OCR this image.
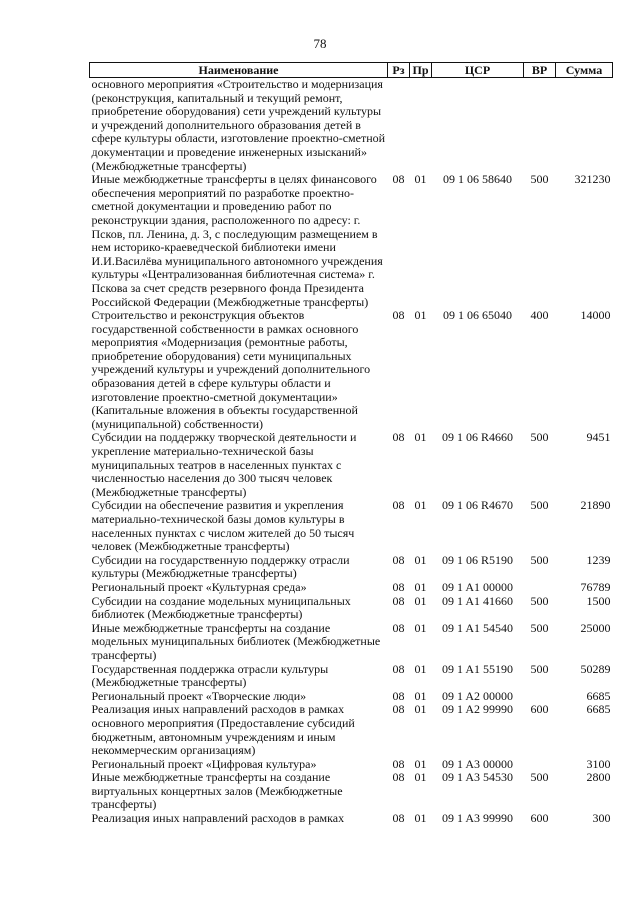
78
Наименование	Рз	Пр	ЦСР	ВР	Сумма
основного мероприятия «Строительство и модернизация (реконструкция, капитальный и текущий ремонт, приобретение оборудования) сети учреждений культуры и учреждений дополнительного образования детей в сфере культуры области, изготовление проектно-сметной документации и проведение инженерных изысканий» (Межбюджетные трансферты)					
Иные межбюджетные трансферты в целях финансового обеспечения мероприятий по разработке проектно-сметной документации и проведению работ по реконструкции здания, расположенного по адресу: г. Псков, пл. Ленина, д. 3, с последующим размещением в нем историко-краеведческой библиотеки имени И.И.Василёва муниципального автономного учреждения культуры «Централизованная библиотечная система» г. Пскова за счет средств резервного фонда Президента Российской Федерации (Межбюджетные трансферты)	08	01	09 1 06 58640	500	321230
Строительство и реконструкция объектов государственной собственности в рамках основного мероприятия «Модернизация (ремонтные работы, приобретение оборудования) сети муниципальных учреждений культуры и учреждений дополнительного образования детей в сфере культуры области и изготовление проектно-сметной документации» (Капитальные вложения в объекты государственной (муниципальной) собственности)	08	01	09 1 06 65040	400	14000
Субсидии на поддержку творческой деятельности и укрепление материально-технической базы муниципальных театров в населенных пунктах с численностью населения до 300 тысяч человек (Межбюджетные трансферты)	08	01	09 1 06 R4660	500	9451
Субсидии на обеспечение развития и укрепления материально-технической базы домов культуры в населенных пунктах с числом жителей до 50 тысяч человек (Межбюджетные трансферты)	08	01	09 1 06 R4670	500	21890
Субсидии на государственную поддержку отрасли культуры (Межбюджетные трансферты)	08	01	09 1 06 R5190	500	1239
Региональный проект «Культурная среда»	08	01	09 1 A1 00000		76789
Субсидии на создание модельных муниципальных библиотек (Межбюджетные трансферты)	08	01	09 1 A1 41660	500	1500
Иные межбюджетные трансферты на создание модельных муниципальных библиотек (Межбюджетные трансферты)	08	01	09 1 A1 54540	500	25000
Государственная поддержка отрасли культуры (Межбюджетные трансферты)	08	01	09 1 A1 55190	500	50289
Региональный проект «Творческие люди»	08	01	09 1 A2 00000		6685
Реализация иных направлений расходов в рамках основного мероприятия (Предоставление субсидий бюджетным, автономным учреждениям и иным некоммерческим организациям)	08	01	09 1 A2 99990	600	6685
Региональный проект «Цифровая культура»	08	01	09 1 A3 00000		3100
Иные межбюджетные трансферты на создание виртуальных концертных залов (Межбюджетные трансферты)	08	01	09 1 A3 54530	500	2800
Реализация иных направлений расходов в рамках	08	01	09 1 A3 99990	600	300
